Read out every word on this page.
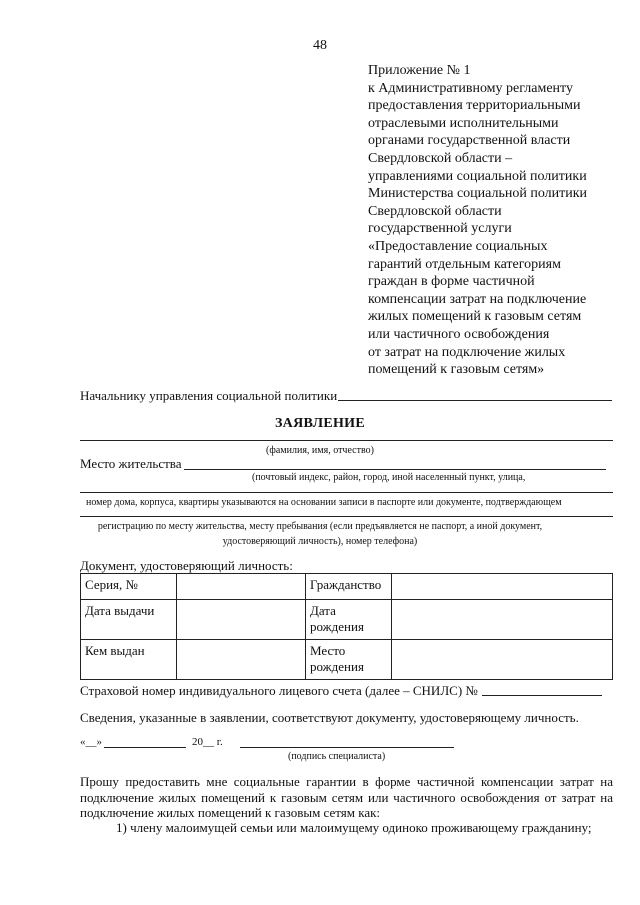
48
Приложение № 1
к Административному регламенту
предоставления территориальными
отраслевыми исполнительными
органами государственной власти
Свердловской области –
управлениями социальной политики
Министерства социальной политики
Свердловской области
государственной услуги
«Предоставление социальных
гарантий отдельным категориям
граждан в форме частичной
компенсации затрат на подключение
жилых помещений к газовым сетям
или частичного освобождения
от затрат на подключение жилых
помещений к газовым сетям»
Начальнику управления социальной политики
ЗАЯВЛЕНИЕ
(фамилия, имя, отчество)
Место жительства
(почтовый индекс, район, город, иной населенный пункт, улица,
номер дома, корпуса, квартиры указываются на основании записи в паспорте или документе, подтверждающем
регистрацию по месту жительства, месту пребывания (если предъявляется не паспорт, а иной документ,
удостоверяющий личность), номер телефона)
Документ, удостоверяющий личность:
Серия, №		Гражданство	
Дата выдачи		Дата
рождения	
Кем выдан		Место
рождения	
Страховой номер индивидуального лицевого счета (далее – СНИЛС) №
Сведения, указанные в заявлении, соответствуют документу, удостоверяющему личность.
«__»	20__ г.
(подпись специалиста)
Прошу предоставить мне социальные гарантии в форме частичной компенсации затрат на подключение жилых помещений к газовым сетям или частичного освобождения от затрат на подключение жилых помещений к газовым сетям как:
1) члену малоимущей семьи или малоимущему одиноко проживающему гражданину;
